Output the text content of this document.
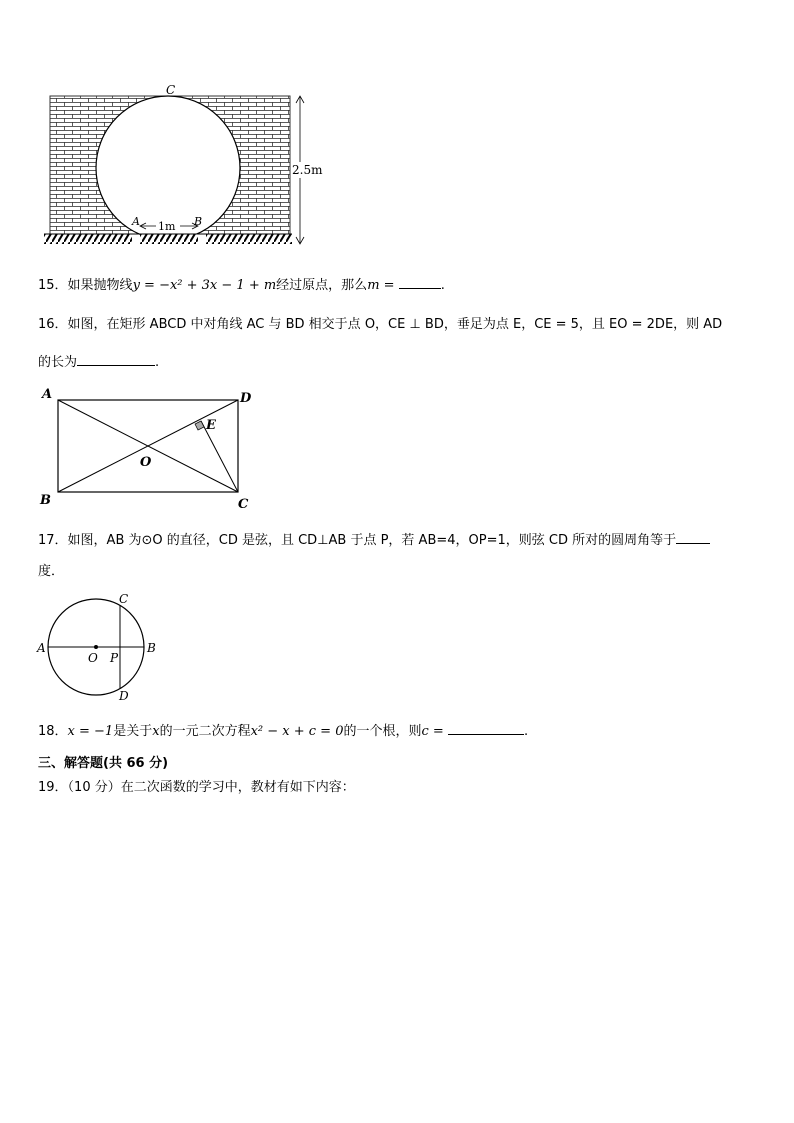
C
A	B
1m
2.5m
15．如果抛物线y = −x² + 3x − 1 + m经过原点，那么m =	.
16．如图，在矩形 ABCD 中对角线 AC 与 BD 相交于点 O，CE ⊥ BD，垂足为点 E，CE = 5，且 EO = 2DE，则 AD
的长为	.
A	D
B	C
E
O
17．如图，AB 为⊙O 的直径，CD 是弦，且 CD⊥AB 于点 P，若 AB=4，OP=1，则弦 CD 所对的圆周角等于
度．
A	B
C
D
O P
18．x = −1是关于x的一元二次方程x² − x + c = 0的一个根，则c =	.
三、解答题(共 66 分)
19．（10 分）在二次函数的学习中，教材有如下内容：
